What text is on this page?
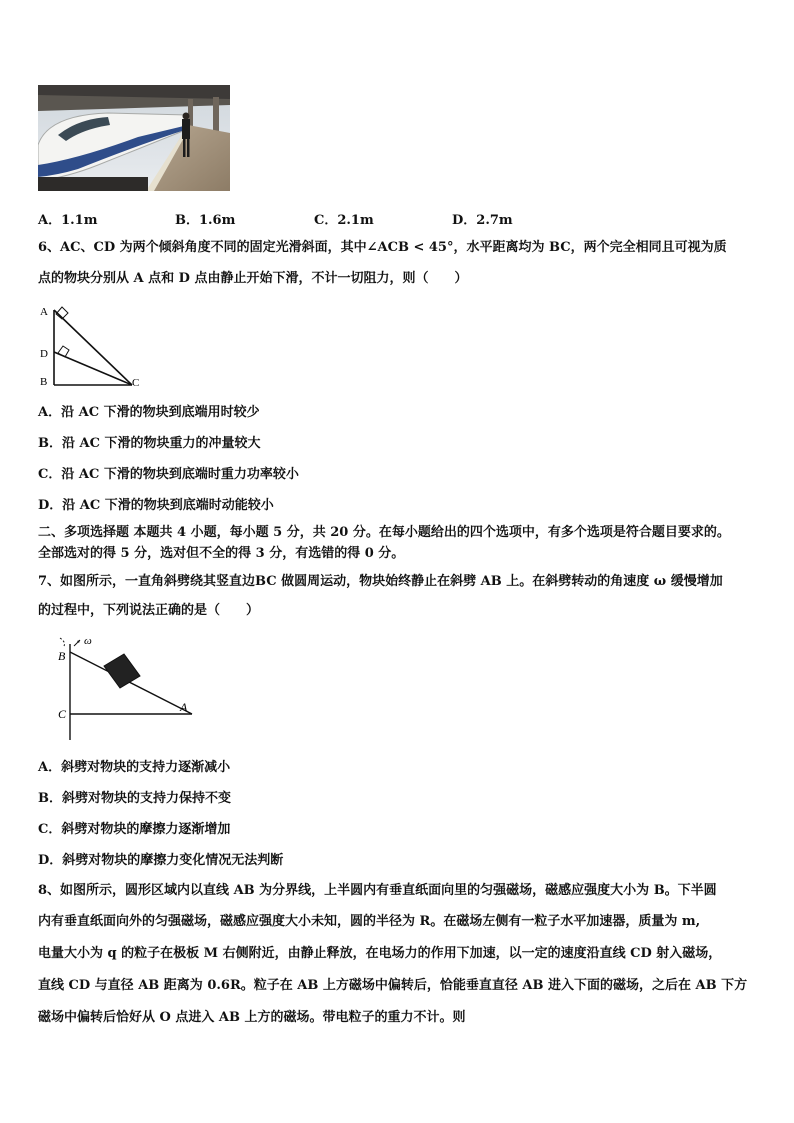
A．1.1m	B．1.6m	C．2.1m	D．2.7m
6、AC、CD 为两个倾斜角度不同的固定光滑斜面，其中∠ACB < 45°，水平距离均为 BC，两个完全相同且可视为质
点的物块分别从 A 点和 D 点由静止开始下滑，不计一切阻力，则（　　）
A
D
B	C
A．沿 AC 下滑的物块到底端用时较少
B．沿 AC 下滑的物块重力的冲量较大
C．沿 AC 下滑的物块到底端时重力功率较小
D．沿 AC 下滑的物块到底端时动能较小
二、多项选择题 本题共 4 小题，每小题 5 分，共 20 分。在每小题给出的四个选项中，有多个选项是符合题目要求的。
全部选对的得 5 分，选对但不全的得 3 分，有选错的得 0 分。
7、如图所示，一直角斜劈绕其竖直边BC 做圆周运动，物块始终静止在斜劈 AB 上。在斜劈转动的角速度 ω 缓慢增加
的过程中，下列说法正确的是（　　）
ω
B
C	A
A．斜劈对物块的支持力逐渐减小
B．斜劈对物块的支持力保持不变
C．斜劈对物块的摩擦力逐渐增加
D．斜劈对物块的摩擦力变化情况无法判断
8、如图所示，圆形区域内以直线 AB 为分界线，上半圆内有垂直纸面向里的匀强磁场，磁感应强度大小为 B。下半圆
内有垂直纸面向外的匀强磁场，磁感应强度大小未知，圆的半径为 R。在磁场左侧有一粒子水平加速器，质量为 m,
电量大小为 q 的粒子在极板 M 右侧附近，由静止释放，在电场力的作用下加速，以一定的速度沿直线 CD 射入磁场，
直线 CD 与直径 AB 距离为 0.6R。粒子在 AB 上方磁场中偏转后，恰能垂直直径 AB 进入下面的磁场，之后在 AB 下方
磁场中偏转后恰好从 O 点进入 AB 上方的磁场。带电粒子的重力不计。则
